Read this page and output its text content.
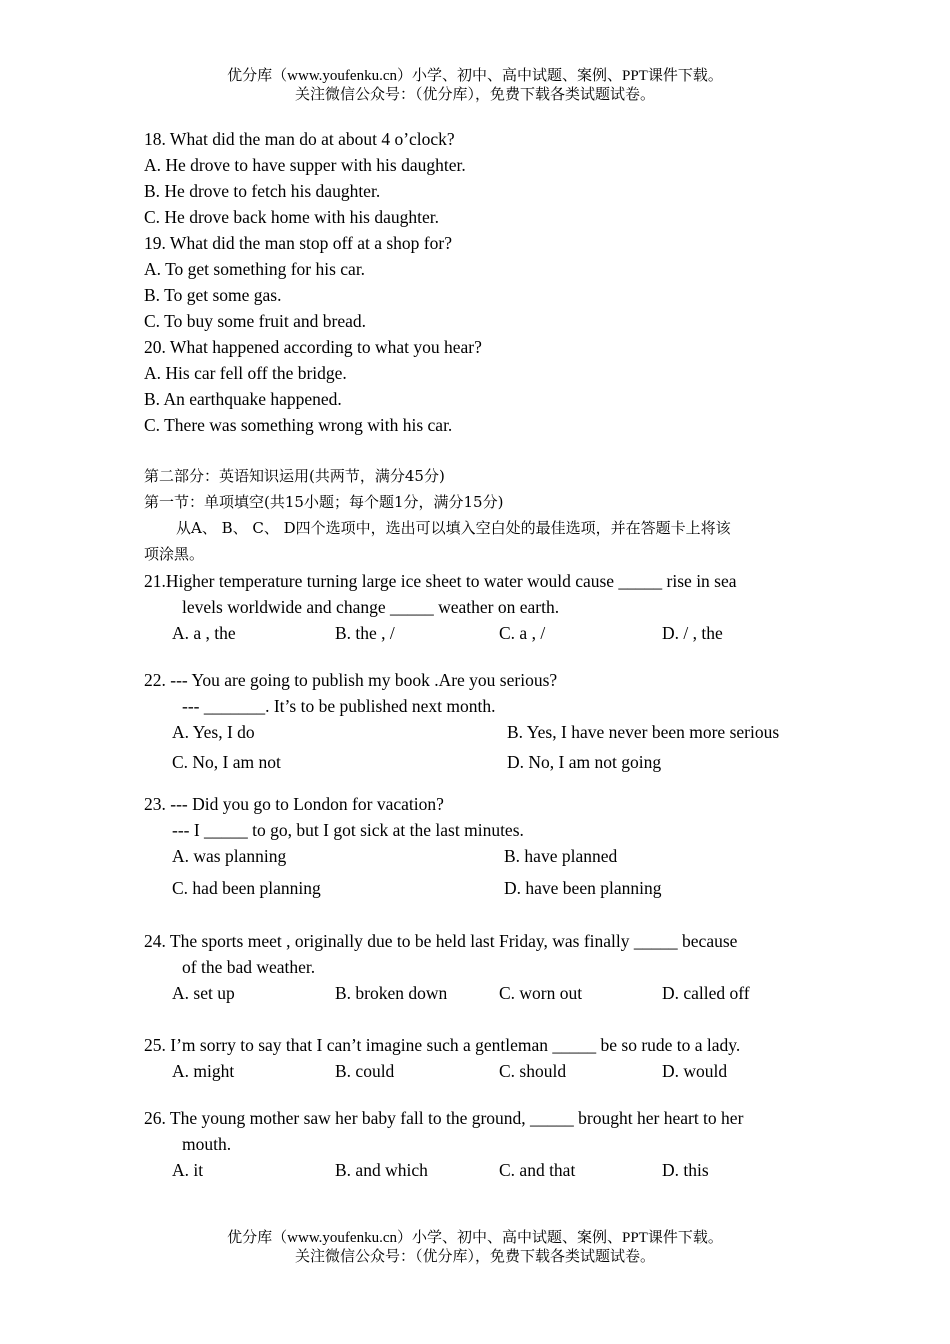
优分库（www.youfenku.cn）小学、初中、高中试题、案例、PPT课件下载。
关注微信公众号：（优分库），免费下载各类试题试卷。
18. What did the man do at about 4 o’clock?
A. He drove to have supper with his daughter.
B. He drove to fetch his daughter.
C. He drove back home with his daughter.
19. What did the man stop off at a shop for?
A. To get something for his car.
B. To get some gas.
C. To buy some fruit and bread.
20. What happened according to what you hear?
A. His car fell off the bridge.
B. An earthquake happened.
C. There was something wrong with his car.
第二部分：英语知识运用(共两节，满分45分)
第一节：单项填空(共15小题；每个题1分，满分15分)
从A、 B、 C、 D四个选项中，选出可以填入空白处的最佳选项，并在答题卡上将该
项涂黑。
21.Higher temperature turning large ice sheet to water would cause _____ rise in sea
levels worldwide and change _____ weather on earth.
A. a , the	B. the , /	C. a , /	D. / , the
22. --- You are going to publish my book .Are you serious?
--- _______. It’s to be published next month.
A. Yes, I do	B. Yes, I have never been more serious
C. No, I am not	D. No, I am not going
23. --- Did you go to London for vacation?
--- I _____ to go, but I got sick at the last minutes.
A. was planning	B. have planned
C. had been planning	D. have been planning
24. The sports meet , originally due to be held last Friday, was finally _____ because
of the bad weather.
A. set up	B. broken down	C. worn out	D. called off
25. I’m sorry to say that I can’t imagine such a gentleman _____ be so rude to a lady.
A. might	B. could	C. should	D. would
26. The young mother saw her baby fall to the ground, _____ brought her heart to her
mouth.
A. it	B. and which	C. and that	D. this
优分库（www.youfenku.cn）小学、初中、高中试题、案例、PPT课件下载。
关注微信公众号：（优分库），免费下载各类试题试卷。
